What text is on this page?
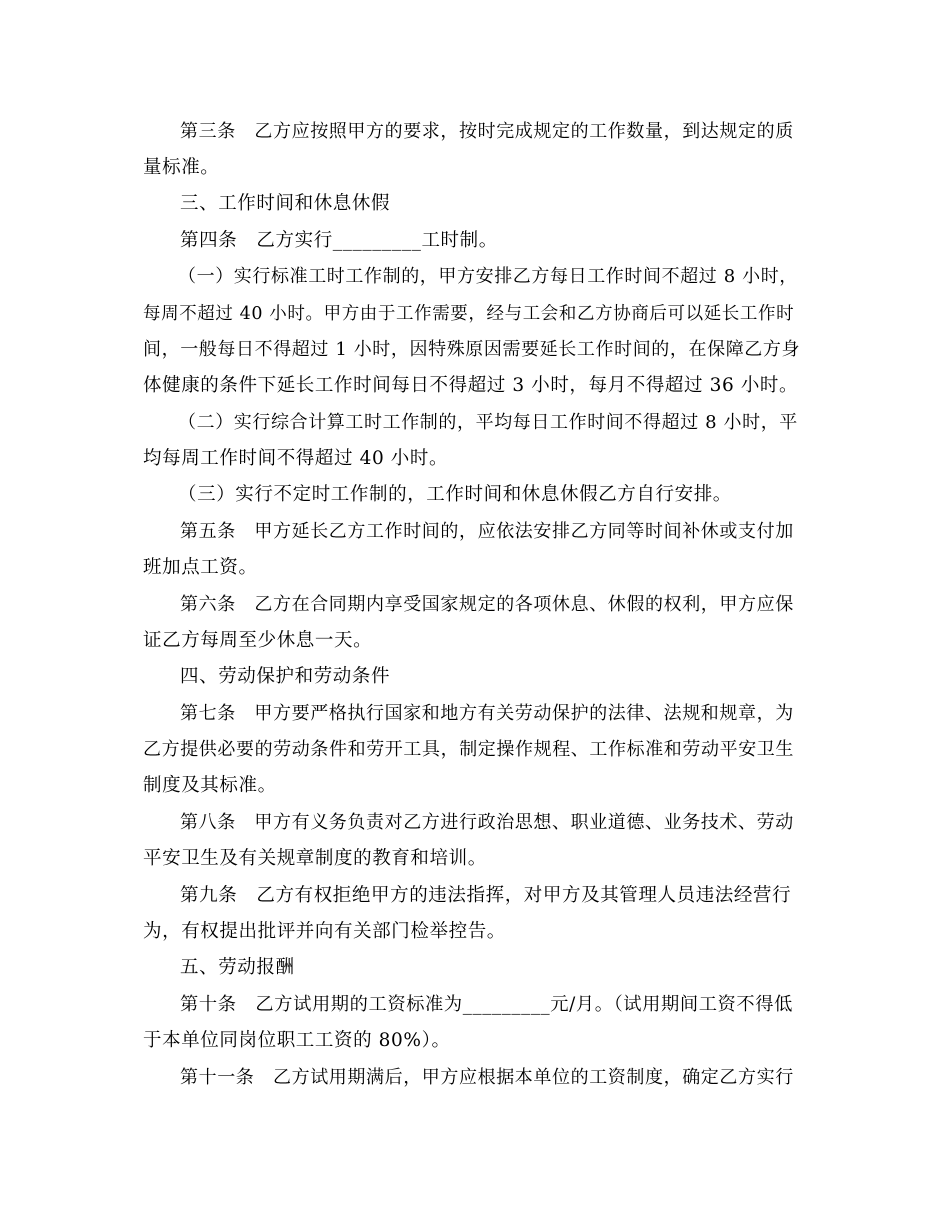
第三条　乙方应按照甲方的要求，按时完成规定的工作数量，到达规定的质
量标准。
三、工作时间和休息休假
第四条　乙方实行_________工时制。
（一）实行标准工时工作制的，甲方安排乙方每日工作时间不超过 8 小时，
每周不超过 40 小时。甲方由于工作需要，经与工会和乙方协商后可以延长工作时
间，一般每日不得超过 1 小时，因特殊原因需要延长工作时间的，在保障乙方身
体健康的条件下延长工作时间每日不得超过 3 小时，每月不得超过 36 小时。
（二）实行综合计算工时工作制的，平均每日工作时间不得超过 8 小时，平
均每周工作时间不得超过 40 小时。
（三）实行不定时工作制的，工作时间和休息休假乙方自行安排。
第五条　甲方延长乙方工作时间的，应依法安排乙方同等时间补休或支付加
班加点工资。
第六条　乙方在合同期内享受国家规定的各项休息、休假的权利，甲方应保
证乙方每周至少休息一天。
四、劳动保护和劳动条件
第七条　甲方要严格执行国家和地方有关劳动保护的法律、法规和规章，为
乙方提供必要的劳动条件和劳开工具，制定操作规程、工作标准和劳动平安卫生
制度及其标准。
第八条　甲方有义务负责对乙方进行政治思想、职业道德、业务技术、劳动
平安卫生及有关规章制度的教育和培训。
第九条　乙方有权拒绝甲方的违法指挥，对甲方及其管理人员违法经营行
为，有权提出批评并向有关部门检举控告。
五、劳动报酬
第十条　乙方试用期的工资标准为_________元/月。（试用期间工资不得低
于本单位同岗位职工工资的 80%）。
第十一条　乙方试用期满后，甲方应根据本单位的工资制度，确定乙方实行
